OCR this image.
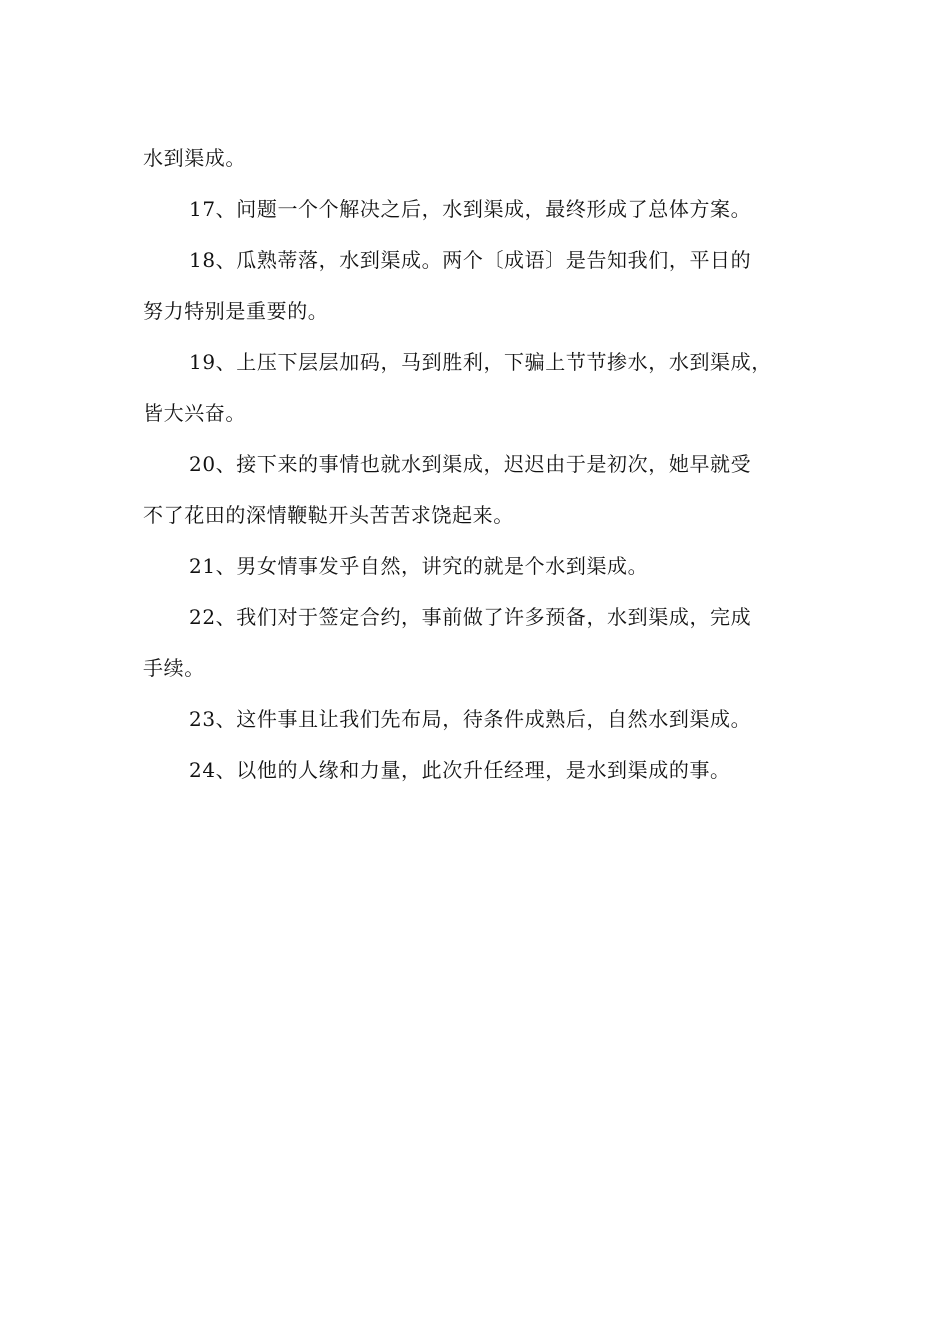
水到渠成。
17、问题一个个解决之后，水到渠成，最终形成了总体方案。
18、瓜熟蒂落，水到渠成。两个〔成语〕是告知我们，平日的
努力特别是重要的。
19、上压下层层加码，马到胜利，下骗上节节掺水，水到渠成，
皆大兴奋。
20、接下来的事情也就水到渠成，迟迟由于是初次，她早就受
不了花田的深情鞭鞑开头苦苦求饶起来。
21、男女情事发乎自然，讲究的就是个水到渠成。
22、我们对于签定合约，事前做了许多预备，水到渠成，完成
手续。
23、这件事且让我们先布局，待条件成熟后，自然水到渠成。
24、以他的人缘和力量，此次升任经理，是水到渠成的事。
